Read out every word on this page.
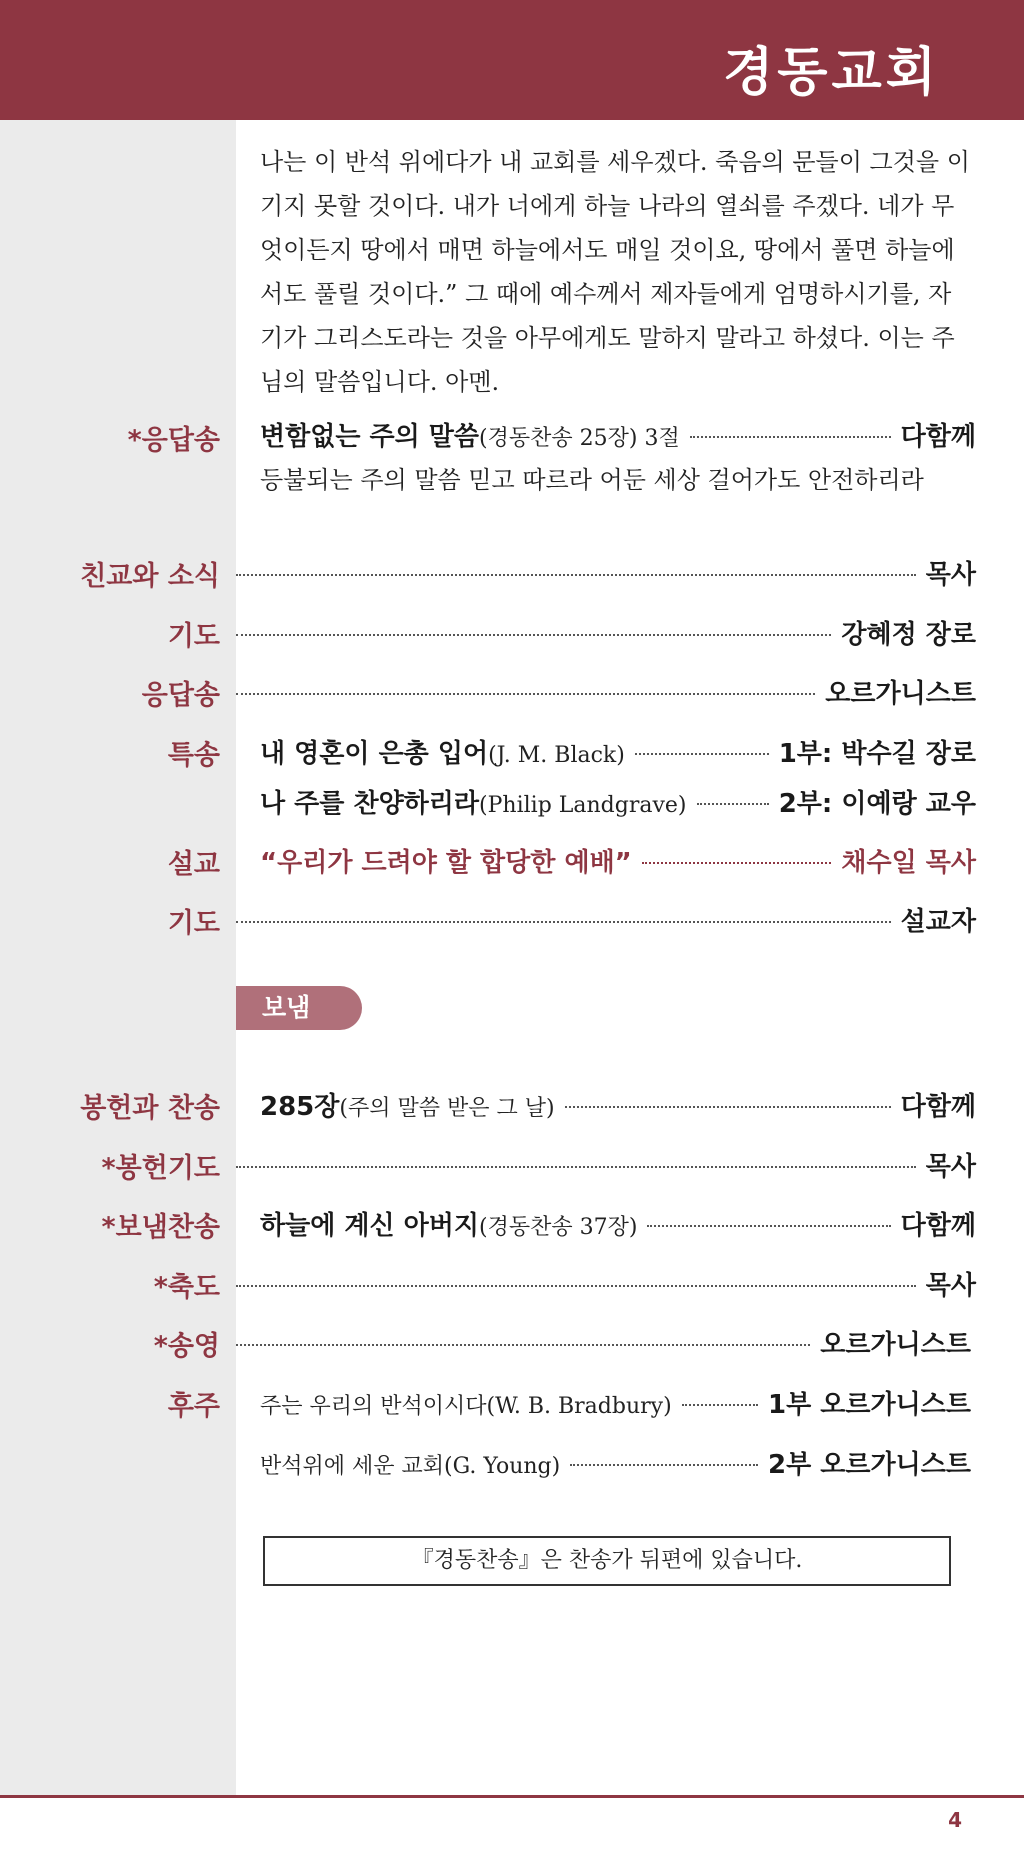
경동교회

나는 이 반석 위에다가 내 교회를 세우겠다. 죽음의 문들이 그것을 이

기지 못할 것이다. 내가 너에게 하늘 나라의 열쇠를 주겠다. 네가 무

엇이든지 땅에서 매면 하늘에서도 매일 것이요, 땅에서 풀면 하늘에

서도 풀릴 것이다.” 그 때에 예수께서 제자들에게 엄명하시기를, 자

기가 그리스도라는 것을 아무에게도 말하지 말라고 하셨다. 이는 주

님의 말씀입니다. 아멘.

*응답송 변함없는 주의 말씀 (경동찬송 25장) 3절	다함께
등불되는 주의 말씀 믿고 따르라 어둔 세상 걸어가도 안전하리라
친교와 소식	목사
기도	강혜정 장로
응답송	오르가니스트
특송 내 영혼이 은총 입어 (J. M. Black)	1부: 박수길 장로
나 주를 찬양하리라 (Philip Landgrave)	2부: 이예랑 교우
설교 “우리가 드려야 할 합당한 예배”	채수일 목사
기도	설교자
보냄
봉헌과 찬송 285장 (주의 말씀 받은 그 날)	다함께
*봉헌기도	목사
*보냄찬송 하늘에 계신 아버지 (경동찬송 37장)	다함께
*축도	목사
*송영	오르가니스트
후주 주는 우리의 반석이시다(W. B. Bradbury)	1부 오르가니스트
반석위에 세운 교회(G. Young)	2부 오르가니스트
『경동찬송』은 찬송가 뒤편에 있습니다.
4
